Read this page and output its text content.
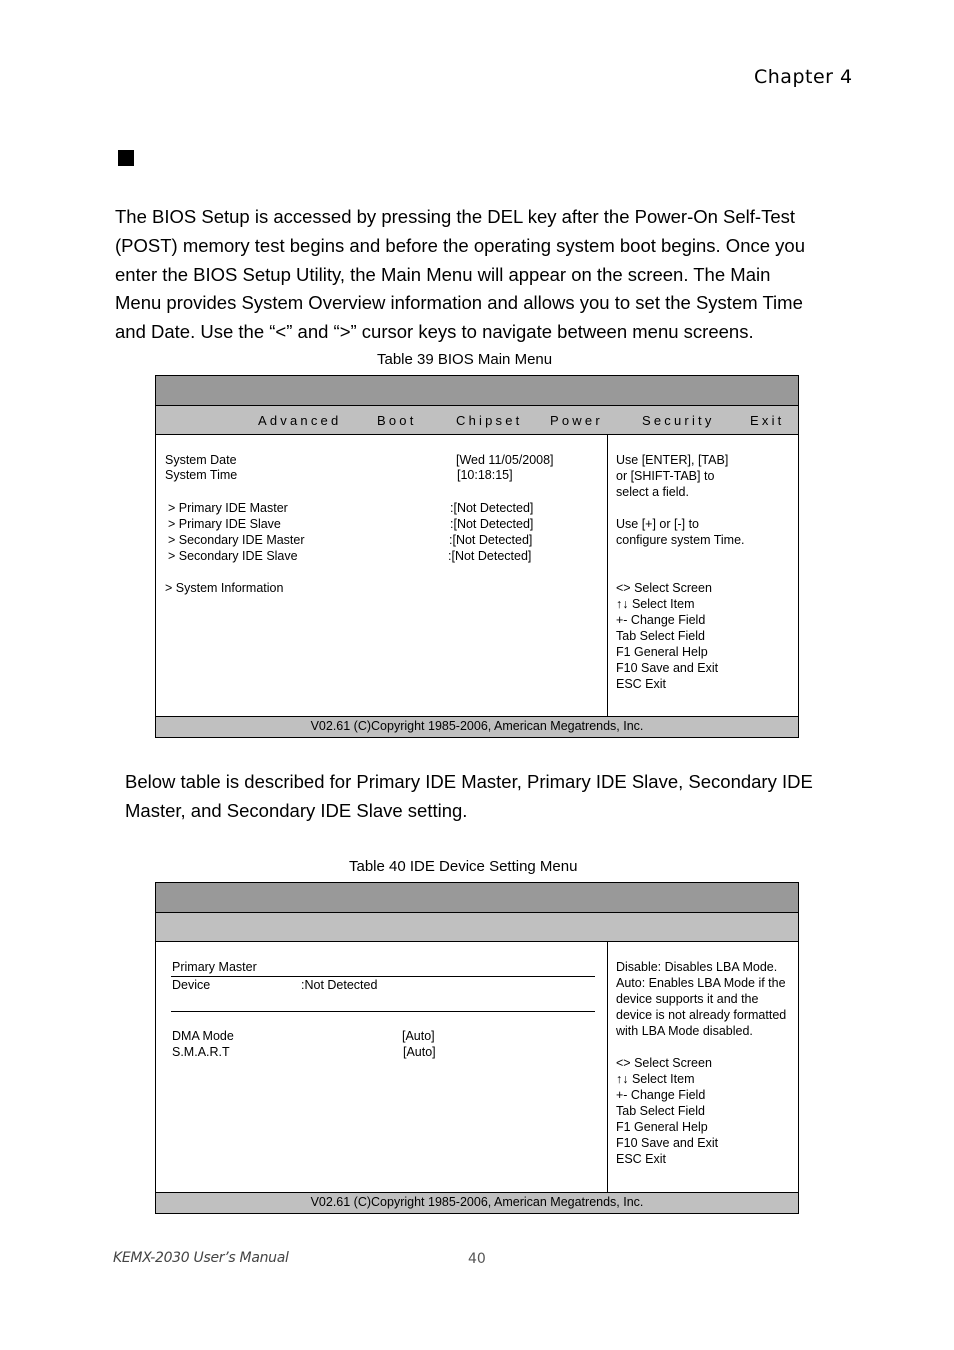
Chapter 4
The BIOS Setup is accessed by pressing the DEL key after the Power-On Self-Test
(POST) memory test begins and before the operating system boot begins. Once you
enter the BIOS Setup Utility, the Main Menu will appear on the screen. The Main
Menu provides System Overview information and allows you to set the System Time
and Date. Use the “<” and “>” cursor keys to navigate between menu screens.
Table 39 BIOS Main Menu
Advanced	Boot	Chipset Power	Security	Exit
System Date	[Wed 11/05/2008]
System Time	[10:18:15]
> Primary IDE Master	:[Not Detected]
> Primary IDE Slave	:[Not Detected]
> Secondary IDE Master	:[Not Detected]
> Secondary IDE Slave	:[Not Detected]
> System Information
Use [ENTER], [TAB]
or [SHIFT-TAB] to
select a field.
Use [+] or [-] to
configure system Time.
<> Select Screen
↑↓ Select Item
+- Change Field
Tab Select Field
F1 General Help
F10 Save and Exit
ESC Exit
V02.61 (C)Copyright 1985-2006, American Megatrends, Inc.
Below table is described for Primary IDE Master, Primary IDE Slave, Secondary IDE
Master, and Secondary IDE Slave setting.
Table 40 IDE Device Setting Menu
Primary Master
Device	:Not Detected
DMA Mode	[Auto]
S.M.A.R.T	[Auto]
Disable: Disables LBA Mode.
Auto: Enables LBA Mode if the
device supports it and the
device is not already formatted
with LBA Mode disabled.
<> Select Screen
↑↓ Select Item
+- Change Field
Tab Select Field
F1 General Help
F10 Save and Exit
ESC Exit
V02.61 (C)Copyright 1985-2006, American Megatrends, Inc.
KEMX-2030 User’s Manual	40
